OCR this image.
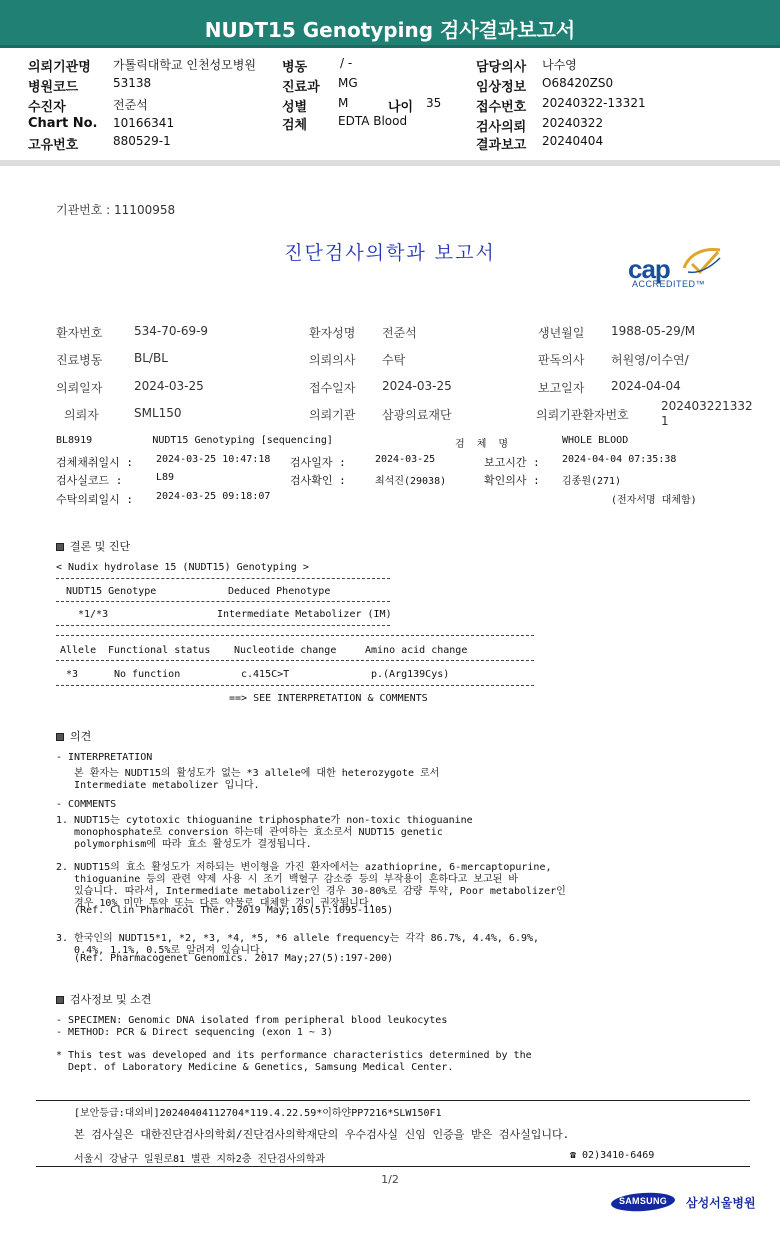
NUDT15 Genotyping 검사결과보고서
의뢰기관명 가톨릭대학교 인천성모병원
병원코드	53138
수진자	전준석
Chart No. 10166341
고유번호	880529-1
병동	/ -
진료과 MG
성별	M	나이 35
검체	EDTA Blood
담당의사 나수영
임상정보 O68420ZS0
접수번호 20240322-13321
검사의뢰 20240322
결과보고 20240404
기관번호 : 11100958
진단검사의학과 보고서
cap
ACCREDITED™
환자번호	534-70-69-9	환자성명 전준석	생년월일 1988-05-29/M
진료병동	BL/BL	의뢰의사 수탁	판독의사 허원영/이수연/
의뢰일자	2024-03-25	접수일자 2024-03-25	보고일자 2024-04-04
의뢰자	SML150	의뢰기관 삼광의료재단	의뢰기관환자번호
202403221332
1
BL8919          NUDT15 Genotyping [sequencing]	검  체  명	WHOLE BLOOD
검체채취일시 : 2024-03-25 10:47:18 검사일자 :	2024-03-25	보고시간 : 2024-04-04 07:35:38
검사실코드 :	L89	검사확인 :	최석진(29038)	확인의사 : 김종원(271)
수탁의뢰일시 : 2024-03-25 09:18:07	(전자서명 대체함)
결론 및 진단
< Nudix hydrolase 15 (NUDT15) Genotyping >
NUDT15 Genotype	Deduced Phenotype
*1/*3	Intermediate Metabolizer (IM)
Allele Functional status Nucleotide change	Amino acid change
*3	No function	c.415C>T	p.(Arg139Cys)
==> SEE INTERPRETATION & COMMENTS
의견
- INTERPRETATION
본 환자는 NUDT15의 활성도가 없는 *3 allele에 대한 heterozygote 로서
Intermediate metabolizer 입니다.
- COMMENTS
1. NUDT15는 cytotoxic thioguanine triphosphate가 non-toxic thioguanine
monophosphate로 conversion 하는데 관여하는 효소로서 NUDT15 genetic
polymorphism에 따라 효소 활성도가 결정됩니다.
2. NUDT15의 효소 활성도가 저하되는 변이형을 가진 환자에서는 azathioprine, 6-mercaptopurine,
thioguanine 등의 관련 약제 사용 시 조기 백혈구 감소증 등의 부작용이 흔하다고 보고된 바
있습니다. 따라서, Intermediate metabolizer인 경우 30-80%로 감량 투약, Poor metabolizer인
경우 10% 미만 투약 또는 다른 약물로 대체할 것이 권장됩니다.
(Ref. Clin Pharmacol Ther. 2019 May;105(5):1095-1105)
3. 한국인의 NUDT15*1, *2, *3, *4, *5, *6 allele frequency는 각각 86.7%, 4.4%, 6.9%,
0.4%, 1.1%, 0.5%로 알려져 있습니다.
(Ref. Pharmacogenet Genomics. 2017 May;27(5):197-200)
검사정보 및 소견
- SPECIMEN: Genomic DNA isolated from peripheral blood leukocytes
- METHOD: PCR & Direct sequencing (exon 1 ~ 3)
* This test was developed and its performance characteristics determined by the
Dept. of Laboratory Medicine & Genetics, Samsung Medical Center.
[보안등급:대외비]20240404112704*119.4.22.59*이하얀PP7216*SLW150F1
본 검사실은 대한진단검사의학회/진단검사의학재단의 우수검사실 신임 인증을 받은 검사실입니다.
서울시 강남구 일원로81 별관 지하2층 진단검사의학과	☎ 02)3410-6469
1/2
SAMSUNG	삼성서울병원
